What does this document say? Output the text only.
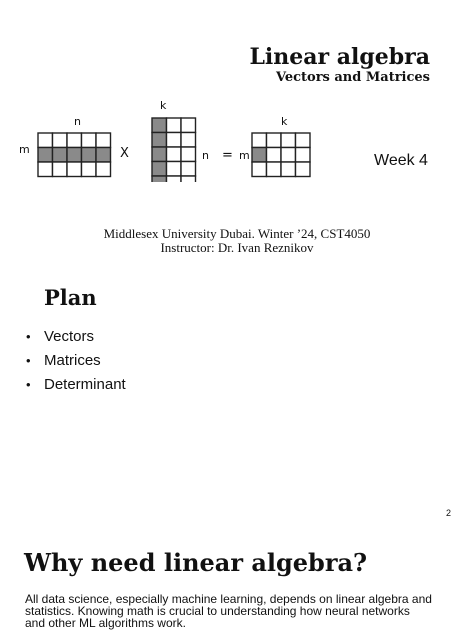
Linear algebra
Vectors and Matrices
m
n
X
k
n = m
k
Week 4
Middlesex University Dubai. Winter ’24, CST4050
Instructor: Dr. Ivan Reznikov
Plan
• Vectors
• Matrices
• Determinant
2
Why need linear algebra?
All data science, especially machine learning, depends on linear algebra and
statistics. Knowing math is crucial to understanding how neural networks
and other ML algorithms work.
